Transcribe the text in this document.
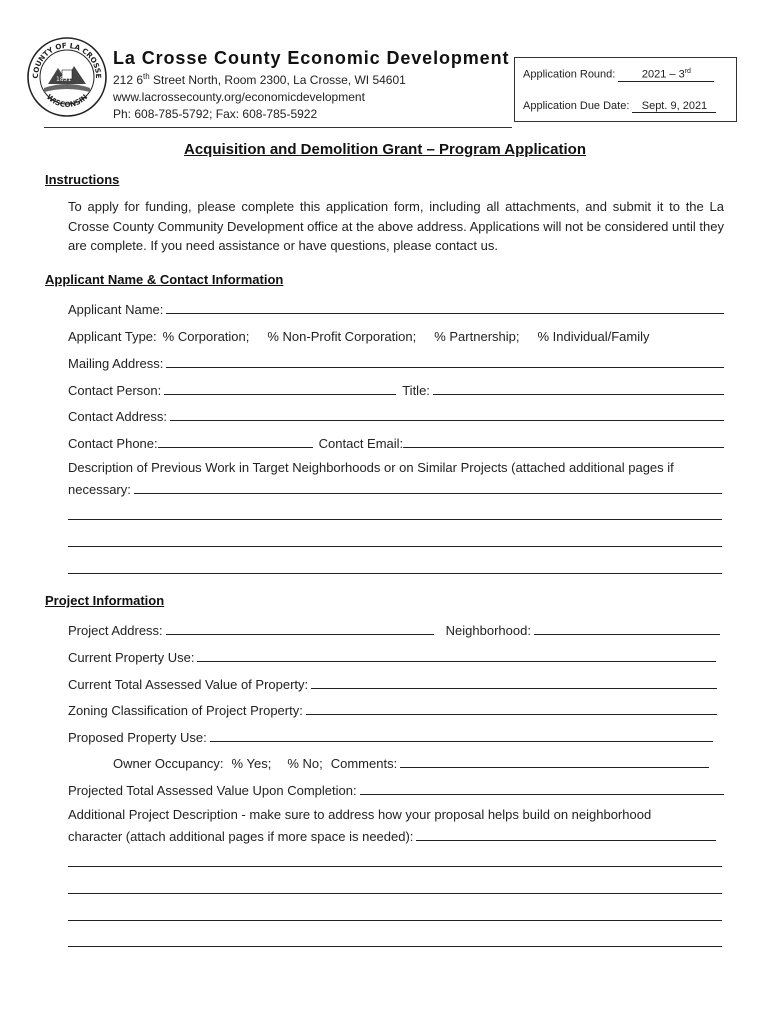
COUNTY OF LA CROSSE
WISCONSIN
1851
La Crosse County Economic Development
212 6th Street North, Room 2300, La Crosse, WI 54601
www.lacrossecounty.org/economicdevelopment
Ph: 608-785-5792; Fax: 608-785-5922
Application Round: 2021 – 3rd
Application Due Date: Sept. 9, 2021
Acquisition and Demolition Grant – Program Application
Instructions
To apply for funding, please complete this application form, including all attachments, and submit it to the La Crosse County Community Development office at the above address. Applications will not be considered until they are complete. If you need assistance or have questions, please contact us.
Applicant Name & Contact Information
Applicant Name:
Applicant Type: % Corporation; % Non-Profit Corporation; % Partnership; % Individual/Family
Mailing Address:
Contact Person:	Title:
Contact Address:
Contact Phone:	Contact Email:
Description of Previous Work in Target Neighborhoods or on Similar Projects (attached additional pages if
necessary:
Project Information
Project Address:	Neighborhood:
Current Property Use:
Current Total Assessed Value of Property:
Zoning Classification of Project Property:
Proposed Property Use:
Owner Occupancy: % Yes; % No; Comments:
Projected Total Assessed Value Upon Completion:
Additional Project Description - make sure to address how your proposal helps build on neighborhood
character (attach additional pages if more space is needed):
